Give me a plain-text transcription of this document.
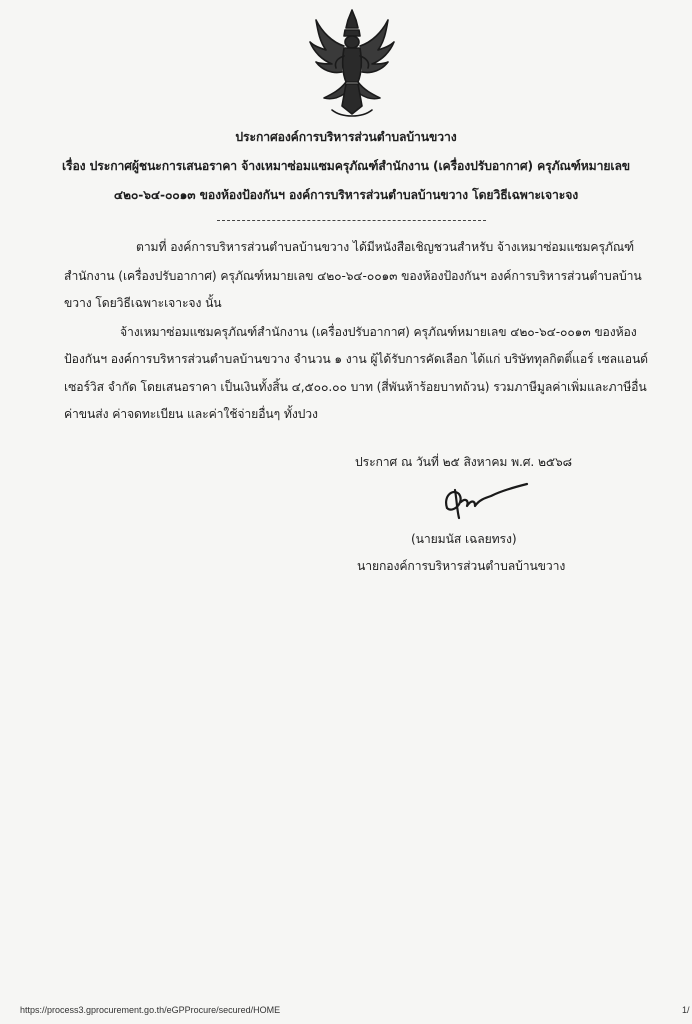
ประกาศองค์การบริหารส่วนตำบลบ้านขวาง
เรื่อง ประกาศผู้ชนะการเสนอราคา จ้างเหมาซ่อมแซมครุภัณฑ์สำนักงาน (เครื่องปรับอากาศ) ครุภัณฑ์หมายเลข
๔๒๐-๖๔-๐๐๑๓ ของห้องป้องกันฯ องค์การบริหารส่วนตำบลบ้านขวาง โดยวิธีเฉพาะเจาะจง
ตามที่ องค์การบริหารส่วนตำบลบ้านขวาง ได้มีหนังสือเชิญชวนสำหรับ จ้างเหมาซ่อมแซมครุภัณฑ์
สำนักงาน (เครื่องปรับอากาศ) ครุภัณฑ์หมายเลข ๔๒๐-๖๔-๐๐๑๓ ของห้องป้องกันฯ องค์การบริหารส่วนตำบลบ้าน
ขวาง โดยวิธีเฉพาะเจาะจง นั้น
จ้างเหมาซ่อมแซมครุภัณฑ์สำนักงาน (เครื่องปรับอากาศ) ครุภัณฑ์หมายเลข ๔๒๐-๖๔-๐๐๑๓ ของห้อง
ป้องกันฯ องค์การบริหารส่วนตำบลบ้านขวาง จำนวน ๑ งาน ผู้ได้รับการคัดเลือก ได้แก่ บริษัททุลกิตติ์แอร์ เซลแอนด์
เซอร์วิส จำกัด โดยเสนอราคา เป็นเงินทั้งสิ้น ๔,๕๐๐.๐๐ บาท (สี่พันห้าร้อยบาทถ้วน) รวมภาษีมูลค่าเพิ่มและภาษีอื่น
ค่าขนส่ง ค่าจดทะเบียน และค่าใช้จ่ายอื่นๆ ทั้งปวง
ประกาศ ณ วันที่ ๒๕ สิงหาคม พ.ศ. ๒๕๖๘
(นายมนัส เฉลยทรง)
นายกองค์การบริหารส่วนตำบลบ้านขวาง
https://process3.gprocurement.go.th/eGPProcure/secured/HOME	1/
